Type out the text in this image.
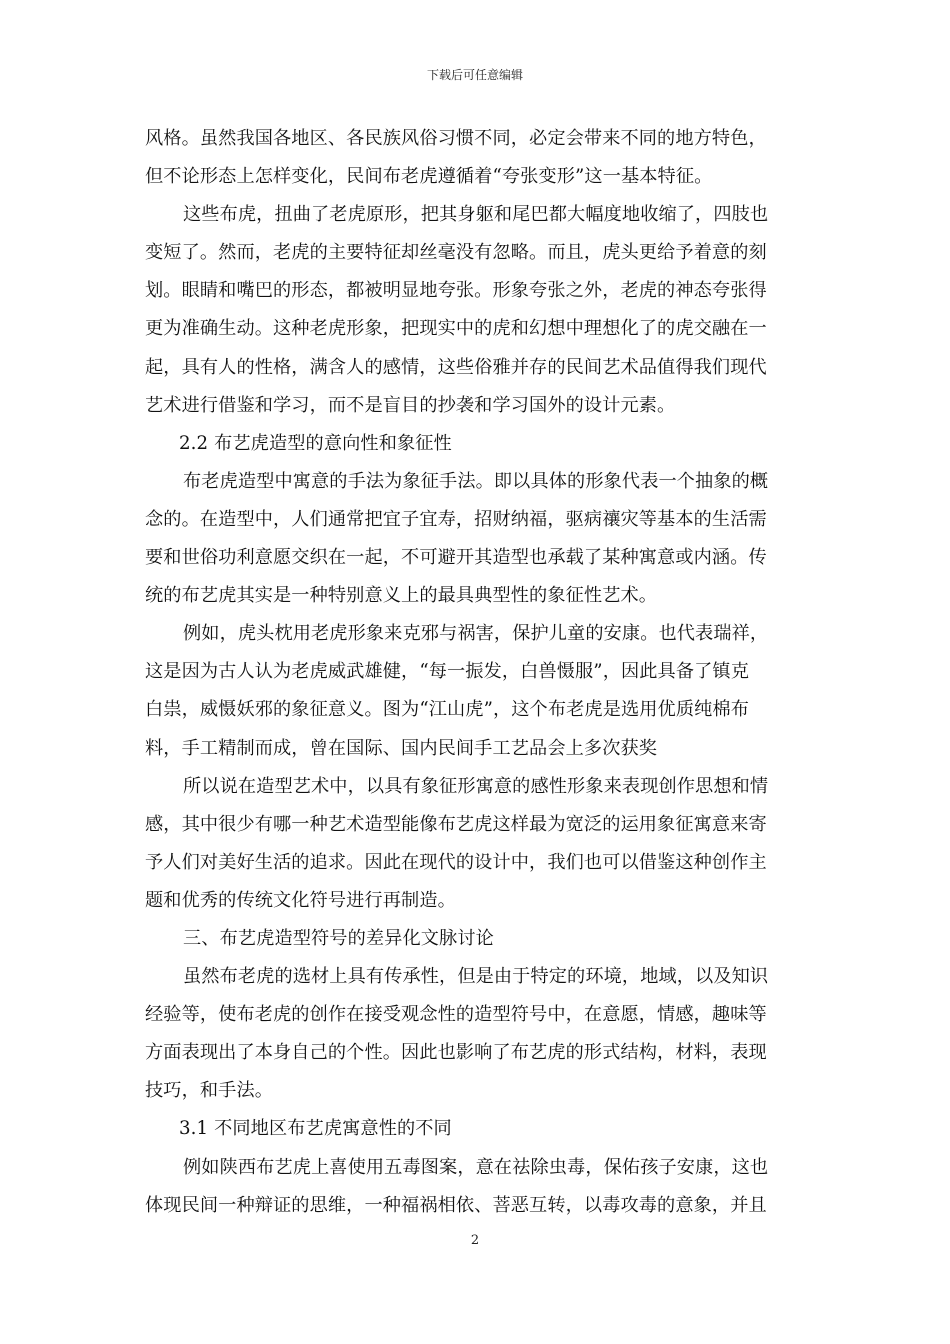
下载后可任意编辑
风格。虽然我国各地区、各民族风俗习惯不同，必定会带来不同的地方特色，
但不论形态上怎样变化，民间布老虎遵循着“夸张变形”这一基本特征。
这些布虎，扭曲了老虎原形，把其身躯和尾巴都大幅度地收缩了，四肢也
变短了。然而，老虎的主要特征却丝毫没有忽略。而且，虎头更给予着意的刻
划。眼睛和嘴巴的形态，都被明显地夸张。形象夸张之外，老虎的神态夸张得
更为准确生动。这种老虎形象，把现实中的虎和幻想中理想化了的虎交融在一
起，具有人的性格，满含人的感情，这些俗雅并存的民间艺术品值得我们现代
艺术进行借鉴和学习，而不是盲目的抄袭和学习国外的设计元素。
2.2 布艺虎造型的意向性和象征性
布老虎造型中寓意的手法为象征手法。即以具体的形象代表一个抽象的概
念的。在造型中，人们通常把宜子宜寿，招财纳福，驱病禳灾等基本的生活需
要和世俗功利意愿交织在一起，不可避开其造型也承载了某种寓意或内涵。传
统的布艺虎其实是一种特别意义上的最具典型性的象征性艺术。
例如，虎头枕用老虎形象来克邪与祸害，保护儿童的安康。也代表瑞祥，
这是因为古人认为老虎威武雄健，“每一振发，白兽慑服”，因此具备了镇克
白祟，威慑妖邪的象征意义。图为“江山虎”，这个布老虎是选用优质纯棉布
料，手工精制而成，曾在国际、国内民间手工艺品会上多次获奖
所以说在造型艺术中，以具有象征形寓意的感性形象来表现创作思想和情
感，其中很少有哪一种艺术造型能像布艺虎这样最为宽泛的运用象征寓意来寄
予人们对美好生活的追求。因此在现代的设计中，我们也可以借鉴这种创作主
题和优秀的传统文化符号进行再制造。
三、布艺虎造型符号的差异化文脉讨论
虽然布老虎的选材上具有传承性，但是由于特定的环境，地域，以及知识
经验等，使布老虎的创作在接受观念性的造型符号中，在意愿，情感，趣味等
方面表现出了本身自己的个性。因此也影响了布艺虎的形式结构，材料，表现
技巧，和手法。
3.1 不同地区布艺虎寓意性的不同
例如陕西布艺虎上喜使用五毒图案，意在祛除虫毒，保佑孩子安康，这也
体现民间一种辩证的思维，一种福祸相依、菩恶互转，以毒攻毒的意象，并且
2
